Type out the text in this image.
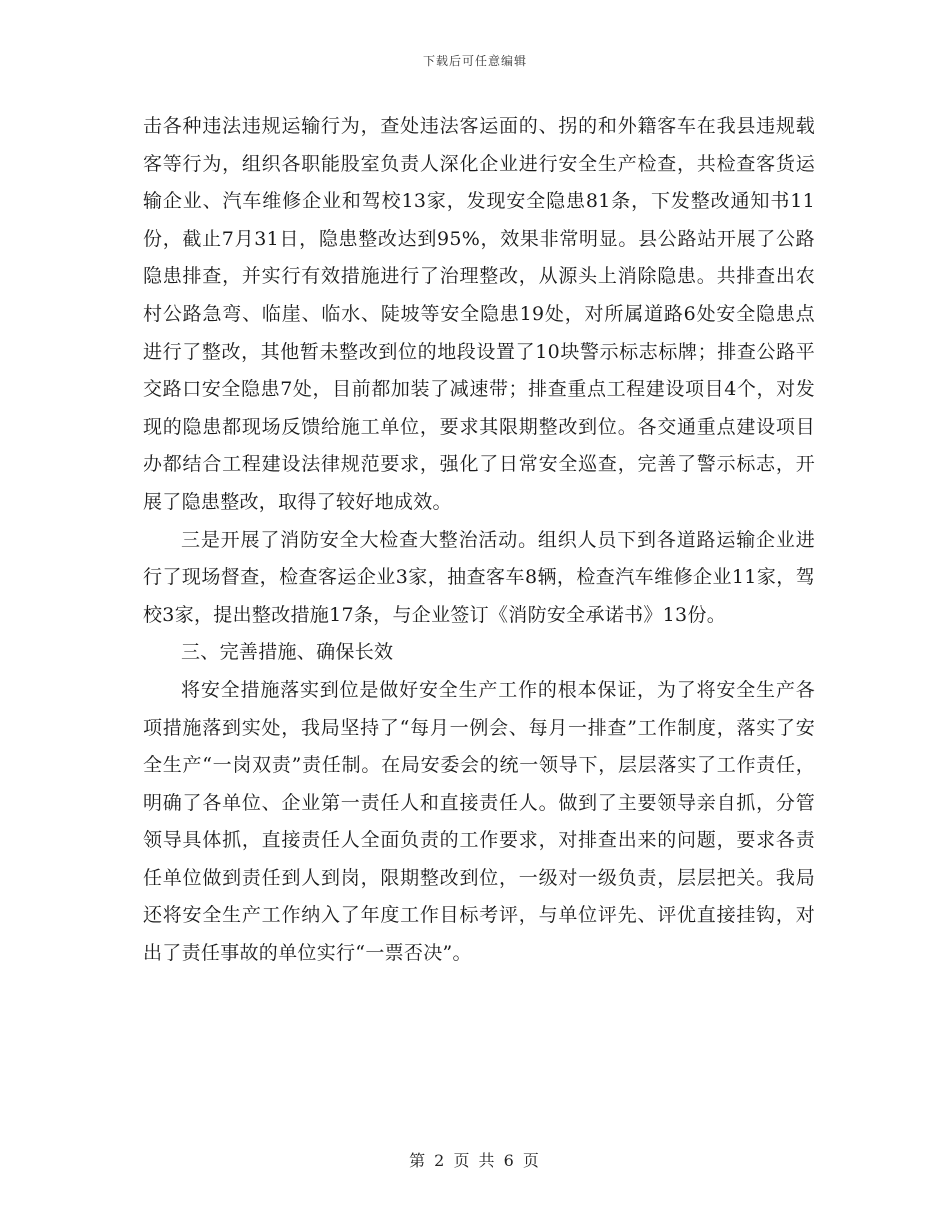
下载后可任意编辑

击各种违法违规运输行为，查处违法客运面的、拐的和外籍客车在我县违规载客等行为，组织各职能股室负责人深化企业进行安全生产检查，共检查客货运输企业、汽车维修企业和驾校13家，发现安全隐患81条，下发整改通知书11份，截止7月31日，隐患整改达到95%，效果非常明显。县公路站开展了公路隐患排查，并实行有效措施进行了治理整改，从源头上消除隐患。共排查出农村公路急弯、临崖、临水、陡坡等安全隐患19处，对所属道路6处安全隐患点进行了整改，其他暂未整改到位的地段设置了10块警示标志标牌；排查公路平交路口安全隐患7处，目前都加装了减速带；排查重点工程建设项目4个，对发现的隐患都现场反馈给施工单位，要求其限期整改到位。各交通重点建设项目办都结合工程建设法律规范要求，强化了日常安全巡查，完善了警示标志，开展了隐患整改，取得了较好地成效。

三是开展了消防安全大检查大整治活动。组织人员下到各道路运输企业进行了现场督查，检查客运企业3家，抽查客车8辆，检查汽车维修企业11家，驾校3家，提出整改措施17条，与企业签订《消防安全承诺书》13份。

三、完善措施、确保长效

将安全措施落实到位是做好安全生产工作的根本保证，为了将安全生产各项措施落到实处，我局坚持了“每月一例会、每月一排查”工作制度，落实了安全生产“一岗双责”责任制。在局安委会的统一领导下，层层落实了工作责任，明确了各单位、企业第一责任人和直接责任人。做到了主要领导亲自抓，分管领导具体抓，直接责任人全面负责的工作要求，对排查出来的问题，要求各责任单位做到责任到人到岗，限期整改到位，一级对一级负责，层层把关。我局还将安全生产工作纳入了年度工作目标考评，与单位评先、评优直接挂钩，对出了责任事故的单位实行“一票否决”。

第 2 页 共 6 页
